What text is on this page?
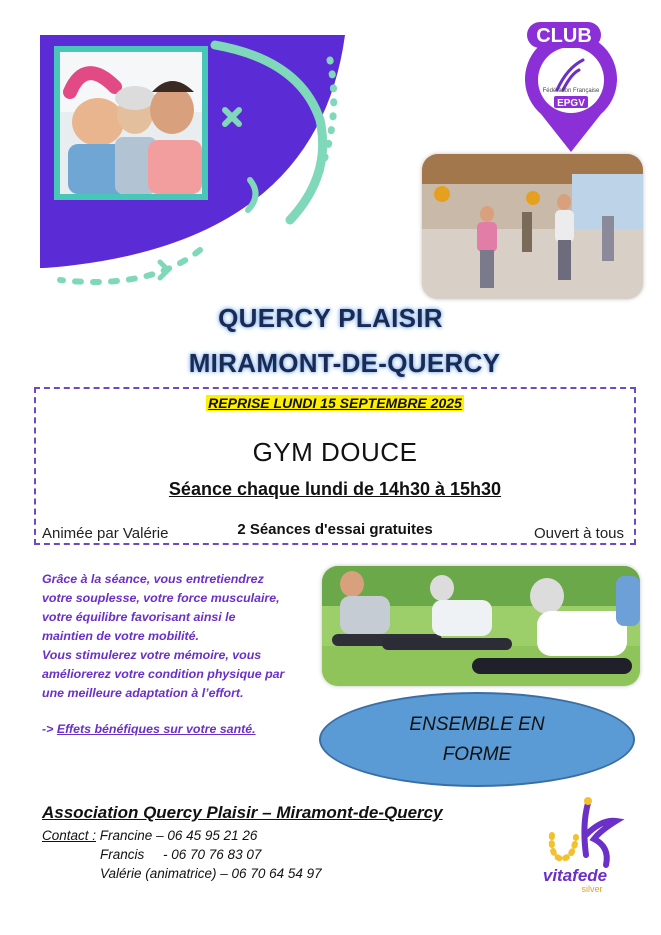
CLUB
Fédération Française
EPGV
QUERCY PLAISIR
MIRAMONT-DE-QUERCY
REPRISE LUNDI 15 SEPTEMBRE 2025
GYM DOUCE
Séance chaque lundi de 14h30 à 15h30
2 Séances d'essai gratuites
Animée par Valérie	Ouvert à tous
Grâce à la séance, vous entretiendrez
votre souplesse, votre force musculaire,
votre équilibre favorisant ainsi le
maintien de votre mobilité.
Vous stimulerez votre mémoire, vous
améliorerez votre condition physique par
une meilleure adaptation à l’effort.
-> Effets bénéfiques sur votre santé.	ENSEMBLE EN FORME
Association Quercy Plaisir – Miramont-de-Quercy
Contact : Francine – 06 45 95 21 26
Francis     - 06 70 76 83 07
Valérie (animatrice) – 06 70 64 54 97	vitafede
silver
